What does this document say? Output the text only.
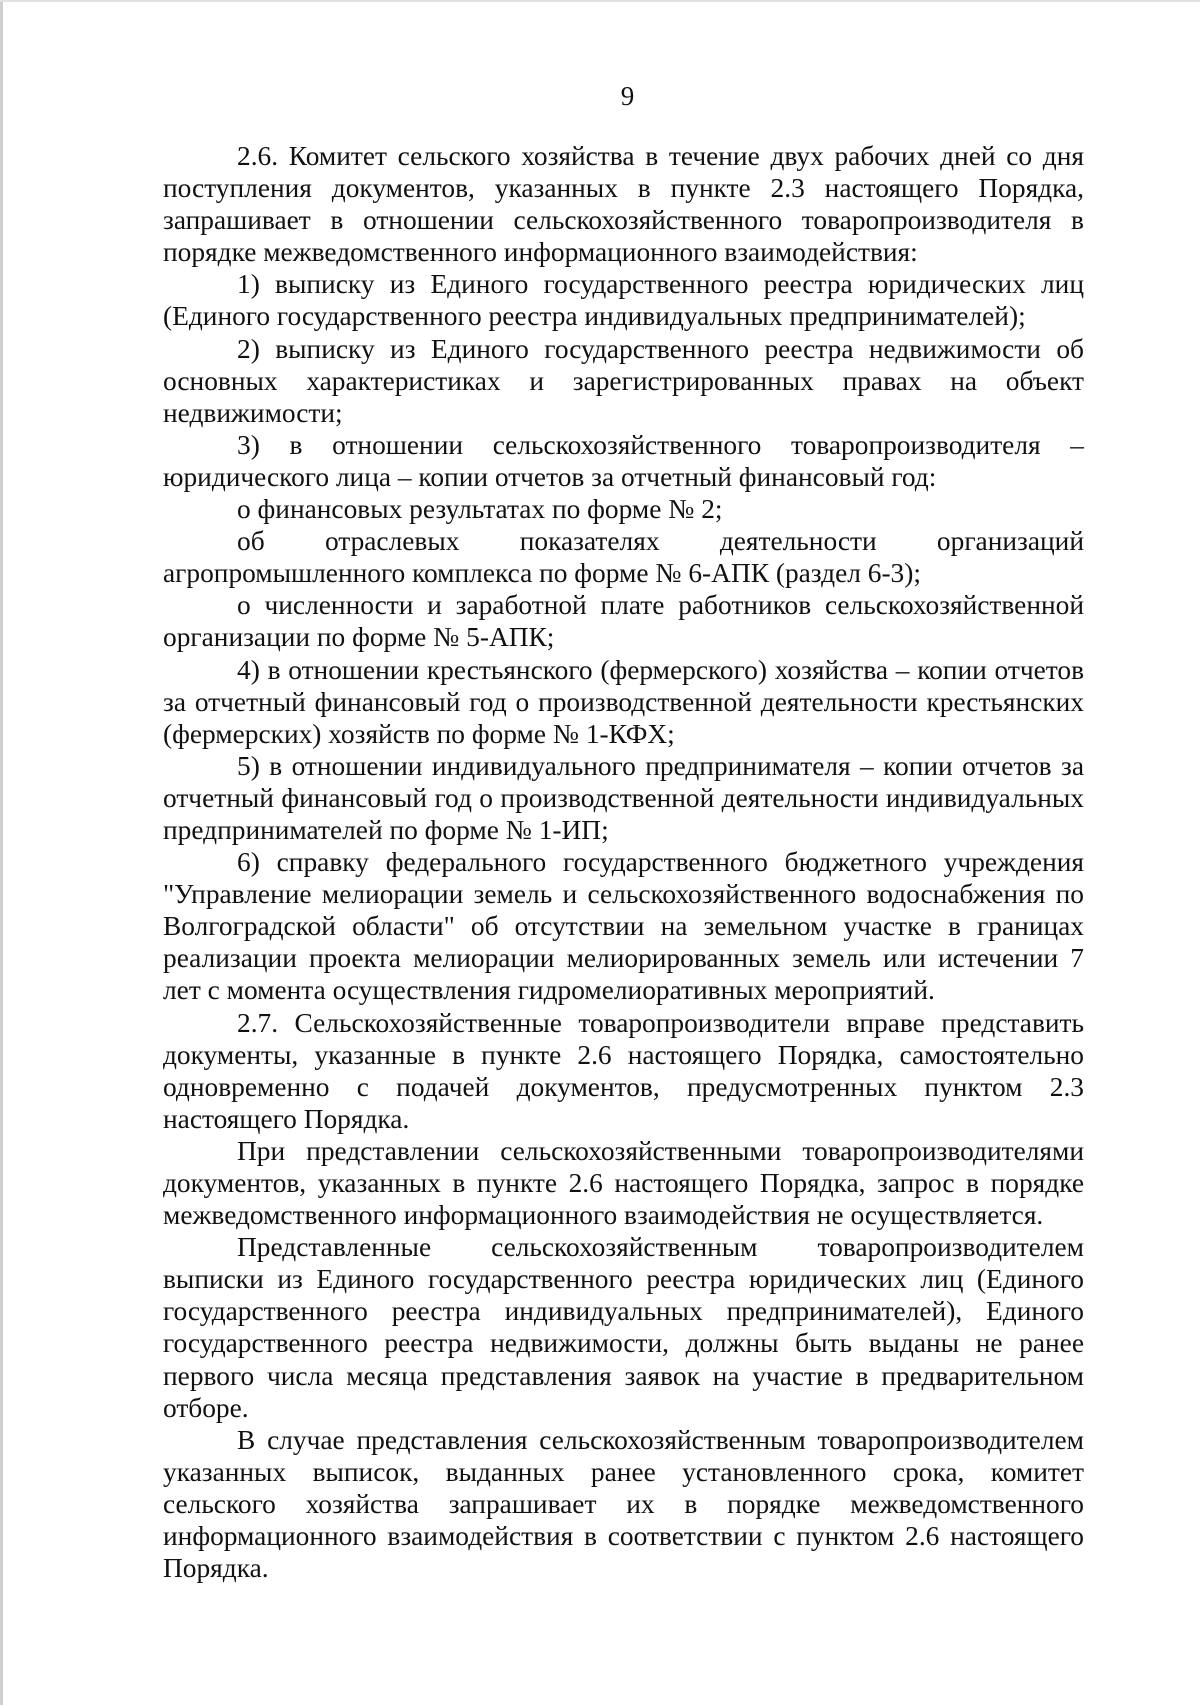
9

2.6. Комитет сельского хозяйства в течение двух рабочих дней со дня поступления документов, указанных в пункте 2.3 настоящего Порядка, запрашивает в отношении сельскохозяйственного товаропроизводителя в порядке межведомственного информационного взаимодействия:

1) выписку из Единого государственного реестра юридических лиц (Единого государственного реестра индивидуальных предпринимателей);

2) выписку из Единого государственного реестра недвижимости об основных характеристиках и зарегистрированных правах на объект недвижимости;

3) в отношении сельскохозяйственного товаропроизводителя – юридического лица – копии отчетов за отчетный финансовый год:

о финансовых результатах по форме № 2;

об отраслевых показателях деятельности организаций агропромышленного комплекса по форме № 6-АПК (раздел 6-3);

о численности и заработной плате работников сельскохозяйственной организации по форме № 5-АПК;

4) в отношении крестьянского (фермерского) хозяйства – копии отчетов за отчетный финансовый год о производственной деятельности крестьянских (фермерских) хозяйств по форме № 1-КФХ;

5) в отношении индивидуального предпринимателя – копии отчетов за отчетный финансовый год о производственной деятельности индивидуальных предпринимателей по форме № 1-ИП;

6) справку федерального государственного бюджетного учреждения "Управление мелиорации земель и сельскохозяйственного водоснабжения по Волгоградской области" об отсутствии на земельном участке в границах реализации проекта мелиорации мелиорированных земель или истечении 7 лет с момента осуществления гидромелиоративных мероприятий.

2.7. Сельскохозяйственные товаропроизводители вправе представить документы, указанные в пункте 2.6 настоящего Порядка, самостоятельно одновременно с подачей документов, предусмотренных пунктом 2.3 настоящего Порядка.

При представлении сельскохозяйственными товаропроизводителями документов, указанных в пункте 2.6 настоящего Порядка, запрос в порядке межведомственного информационного взаимодействия не осуществляется.

Представленные сельскохозяйственным товаропроизводителем выписки из Единого государственного реестра юридических лиц (Единого государственного реестра индивидуальных предпринимателей), Единого государственного реестра недвижимости, должны быть выданы не ранее первого числа месяца представления заявок на участие в предварительном отборе.

В случае представления сельскохозяйственным товаропроизводителем указанных выписок, выданных ранее установленного срока, комитет сельского хозяйства запрашивает их в порядке межведомственного информационного взаимодействия в соответствии с пунктом 2.6 настоящего Порядка.
